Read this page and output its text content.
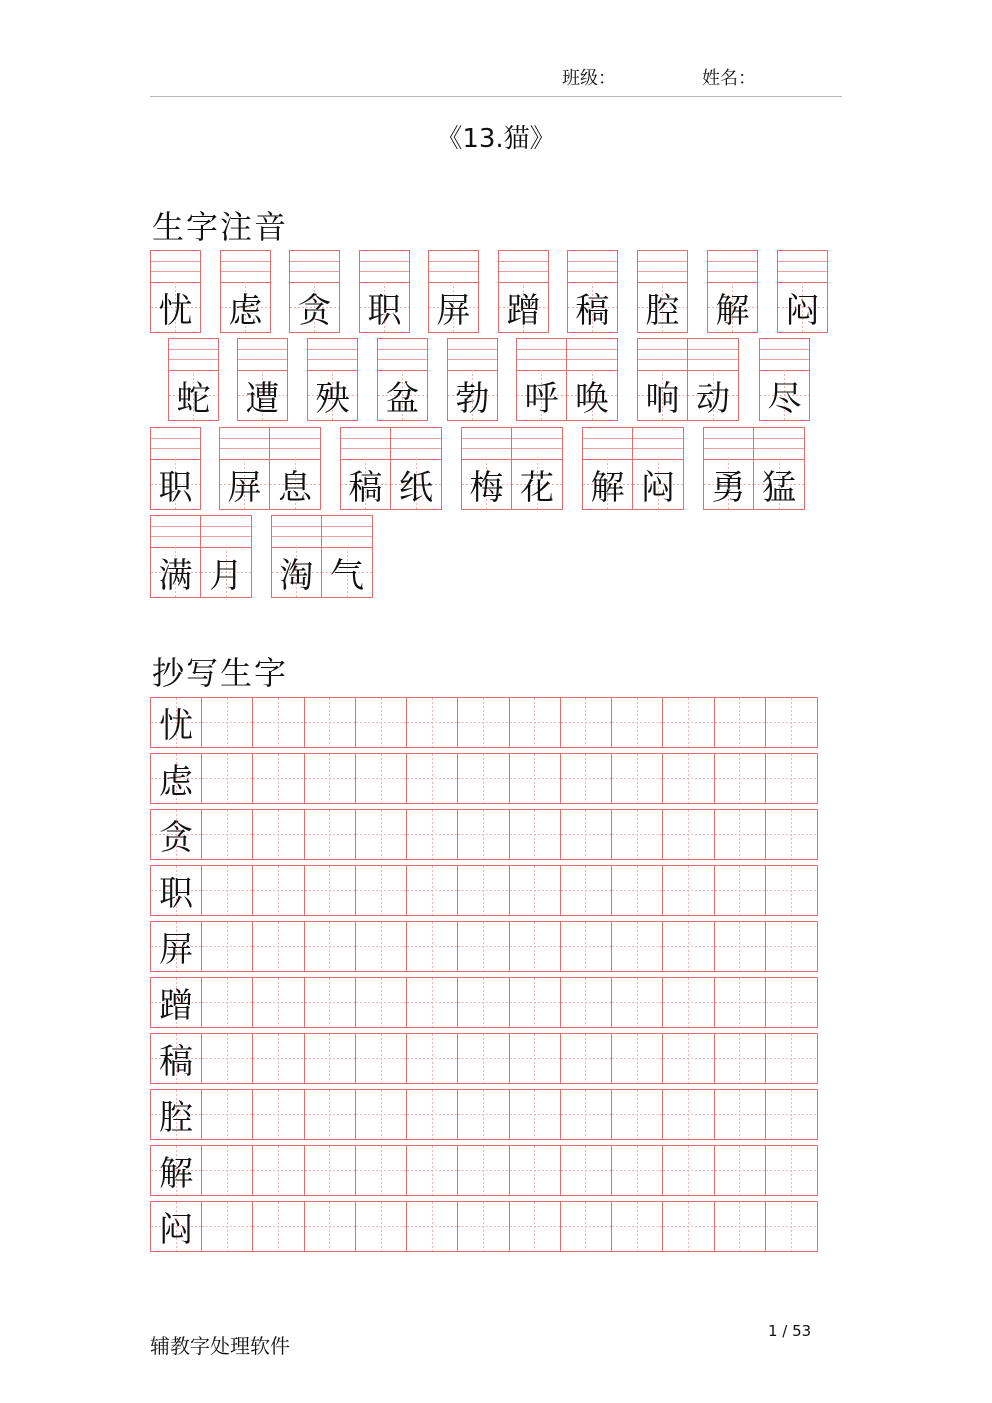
班级：	姓名：
《13.猫》
生字注音
忧 虑 贪 职 屏 蹭 稿 腔 解 闷
蛇 遭 殃 盆 勃 呼 唤 响 动 尽
职 屏 息 稿 纸 梅 花 解 闷 勇 猛
满 月 淘 气
抄写生字
忧
虑
贪
职
屏
蹭
稿
腔
解
闷
辅教字处理软件
1 / 53
